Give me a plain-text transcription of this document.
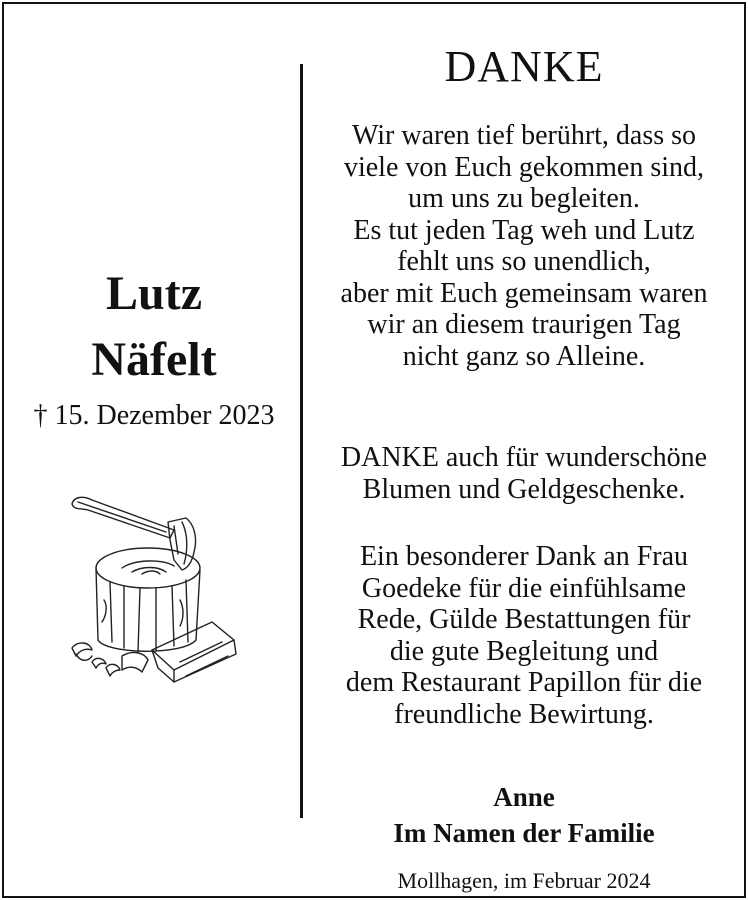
Lutz
Näfelt
† 15. Dezember 2023
DANKE
Wir waren tief berührt, dass so
viele von Euch gekommen sind,
um uns zu begleiten.
Es tut jeden Tag weh und Lutz
fehlt uns so unendlich,
aber mit Euch gemeinsam waren
wir an diesem traurigen Tag
nicht ganz so Alleine.
DANKE auch für wunderschöne
Blumen und Geldgeschenke.
Ein besonderer Dank an Frau
Goedeke für die einfühlsame
Rede, Gülde Bestattungen für
die gute Begleitung und
dem Restaurant Papillon für die
freundliche Bewirtung.
Anne
Im Namen der Familie
Mollhagen, im Februar 2024
